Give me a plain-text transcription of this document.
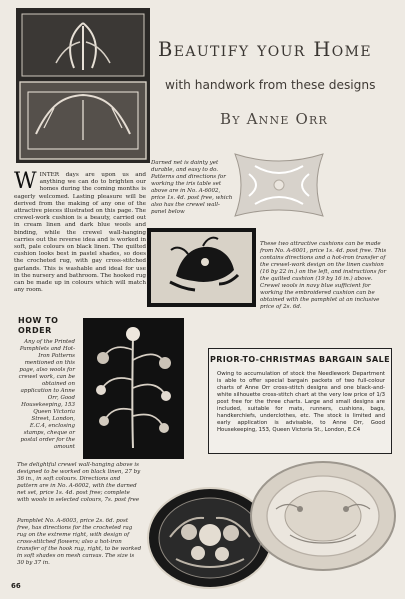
Beautify your Home
with handwork from these designs
By Anne Orr
W INTER days are upon us and anything we can do to brighten our homes during the coming months is eagerly welcomed. Lasting pleasure will be derived from the making of any one of the attractive pieces illustrated on this page. The crewel-work cushion is a beauty, carried out in cream linen and dark blue wools and binding, while the crewel wall-hanging carries out the reverse idea and is worked in soft, pale colours on black linen. The quilted cushion looks best in pastel shades, so does the crocheted rug, with gay cross-stitched garlands. This is washable and ideal for use in the nursery and bathroom. The hooked rug can be made up in colours which will match any room.
Darned net is dainty yet durable, and easy to do. Patterns and directions for working the iris table set above are in No. A-6002, price 1s. 4d. post free, which also has the crewel wall-panel below
These two attractive cushions can be made from No. A-6001, price 1s. 4d. post free. This contains directions and a hot-iron transfer of the crewel-work design on the linen cushion (16 by 22 in.) on the left, and instructions for the quilted cushion (19 by 16 in.) above. Crewel wools in navy blue sufficient for working the embroidered cushion can be obtained with the pamphlet at an inclusive price of 2s. 6d.
The delightful crewel wall-hanging above is designed to be worked on black linen, 27 by 36 in., in soft colours. Directions and pattern are in No. A-6002, with the darned net set, price 1s. 4d. post free; complete with wools in selected colours, 7s. post free
Pamphlet No. A-6003, price 2s. 6d. post free, has directions for the crocheted rag rug on the extreme right, with design of cross-stitched flowers; also a hot-iron transfer of the hook rug, right, to be worked in soft shades on mesh canvas. The size is 30 by 37 in.
HOW TO ORDER
Any of the Printed Pamphlets and Hot-Iron Patterns mentioned on this page, also wools for crewel work, can be obtained on application to Anne Orr, Good Housekeeping, 153 Queen Victoria Street, London, E.C.4, enclosing stamps, cheque or postal order for the amount
PRIOR-TO-CHRISTMAS BARGAIN SALE
Owing to accumulation of stock the Needlework Department is able to offer special bargain packets of two full-colour charts of Anne Orr cross-stitch designs and one black-and-white silhouette cross-stitch chart at the very low price of 1/3 post free for the three charts. Large and small designs are included, suitable for mats, runners, cushions, bags, handkerchiefs, underclothes, etc. The stock is limited and early application is advisable, to Anne Orr, Good Housekeeping, 153, Queen Victoria St., London, E.C4
66
